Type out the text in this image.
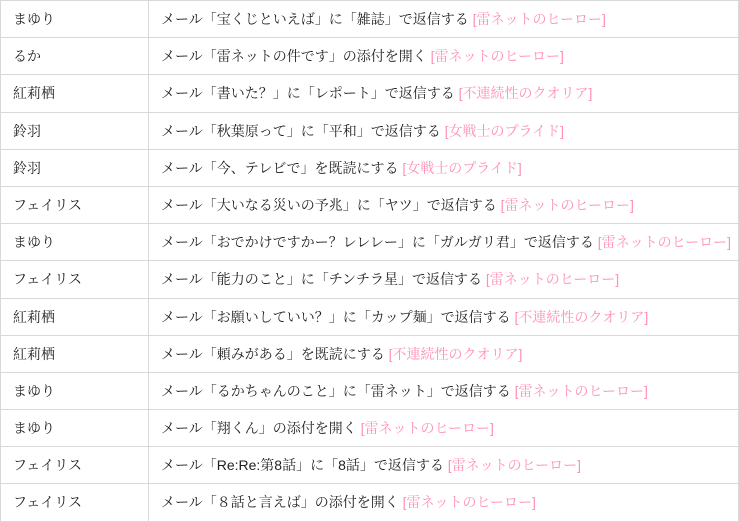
まゆり	メール「宝くじといえば」に「雑誌」で返信する [雷ネットのヒーロー]
るか	メール「雷ネットの件です」の添付を開く [雷ネットのヒーロー]
紅莉栖	メール「書いた？」に「レポート」で返信する [不連続性のクオリア]
鈴羽	メール「秋葉原って」に「平和」で返信する [女戦士のプライド]
鈴羽	メール「今、テレビで」を既読にする [女戦士のプライド]
フェイリス	メール「大いなる災いの予兆」に「ヤツ」で返信する [雷ネットのヒーロー]
まゆり	メール「おでかけですかー？レレレー」に「ガルガリ君」で返信する [雷ネットのヒーロー]
フェイリス	メール「能力のこと」に「チンチラ星」で返信する [雷ネットのヒーロー]
紅莉栖	メール「お願いしていい？」に「カップ麺」で返信する [不連続性のクオリア]
紅莉栖	メール「頼みがある」を既読にする [不連続性のクオリア]
まゆり	メール「るかちゃんのこと」に「雷ネット」で返信する [雷ネットのヒーロー]
まゆり	メール「翔くん」の添付を開く [雷ネットのヒーロー]
フェイリス	メール「Re:Re:第8話」に「8話」で返信する [雷ネットのヒーロー]
フェイリス	メール「８話と言えば」の添付を開く [雷ネットのヒーロー]
